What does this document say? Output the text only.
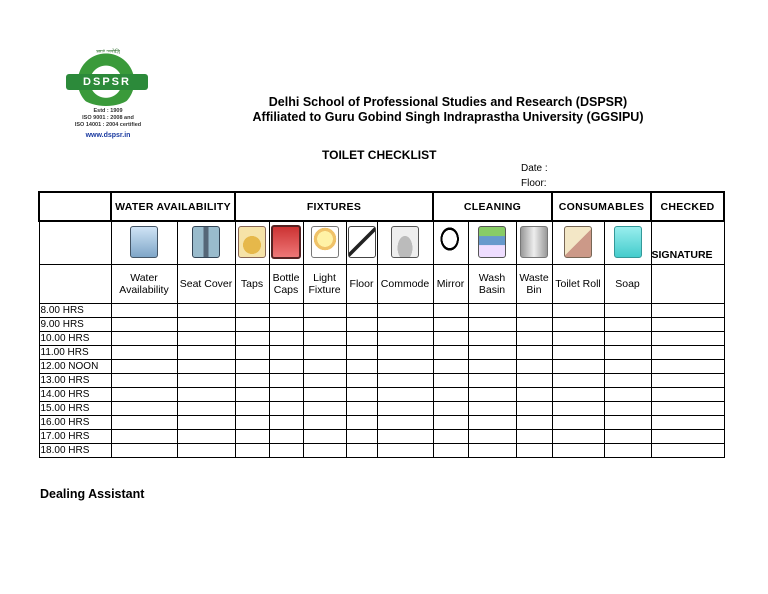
DSPSR
Estd : 1909
ISO 9001 : 2008 and
ISO 14001 : 2004 certified
www.dspsr.in
Delhi School of Professional Studies and Research (DSPSR)
Affiliated to Guru Gobind Singh Indraprastha University (GGSIPU)
TOILET CHECKLIST
Date :
Floor:
	WATER AVAILABILITY		FIXTURES					CLEANING			CONSUMABLES		CHECKED
													SIGNATURE
	Water Availability	Seat Cover	Taps	Bottle Caps	Light Fixture	Floor	Commode	Mirror	Wash Basin	Waste Bin	Toilet Roll	Soap	
8.00 HRS													
9.00 HRS													
10.00 HRS													
11.00 HRS													
12.00 NOON													
13.00 HRS													
14.00 HRS													
15.00 HRS													
16.00 HRS													
17.00 HRS													
18.00 HRS													
Dealing Assistant
